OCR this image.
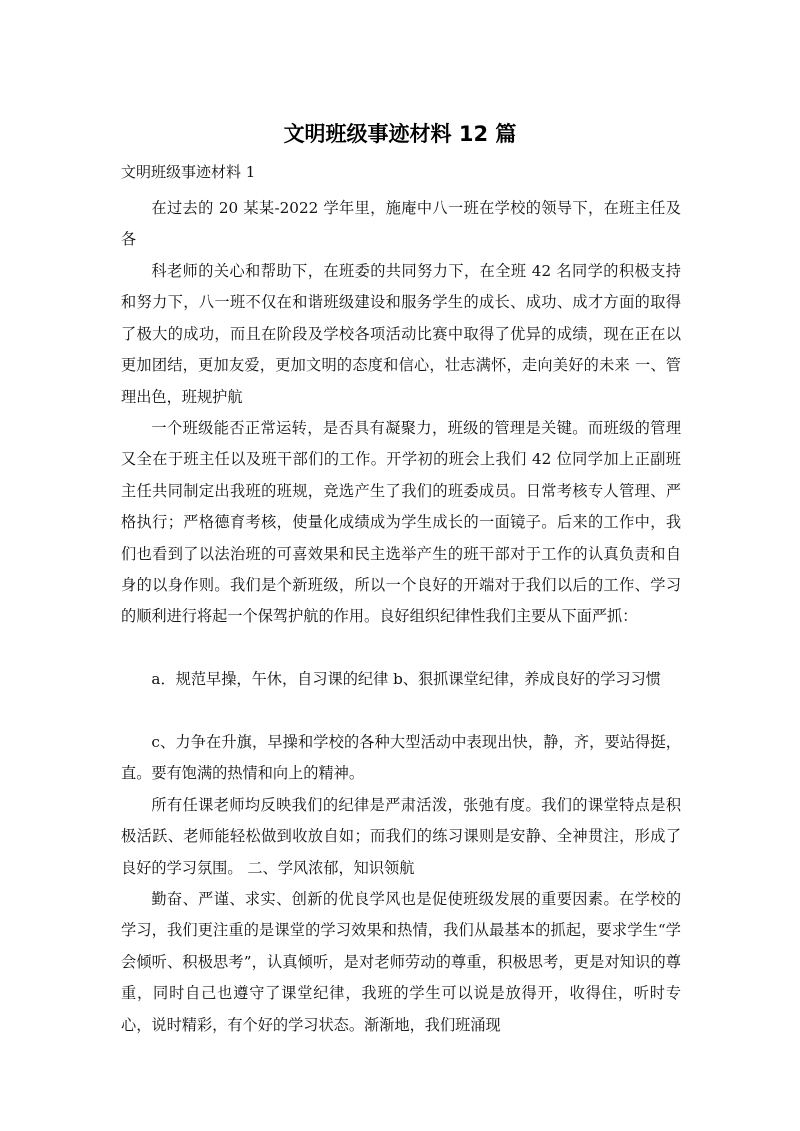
文明班级事迹材料 12 篇
文明班级事迹材料 1

在过去的 20 某某-2022 学年里，施庵中八一班在学校的领导下，在班主任及各

科老师的关心和帮助下，在班委的共同努力下，在全班 42 名同学的积极支持和努力下，八一班不仅在和谐班级建设和服务学生的成长、成功、成才方面的取得了极大的成功，而且在阶段及学校各项活动比赛中取得了优异的成绩，现在正在以更加团结，更加友爱，更加文明的态度和信心，壮志满怀，走向美好的未来 一、管理出色，班规护航

一个班级能否正常运转，是否具有凝聚力，班级的管理是关键。而班级的管理又全在于班主任以及班干部们的工作。开学初的班会上我们 42 位同学加上正副班主任共同制定出我班的班规，竞选产生了我们的班委成员。日常考核专人管理、严格执行；严格德育考核，使量化成绩成为学生成长的一面镜子。后来的工作中，我们也看到了以法治班的可喜效果和民主选举产生的班干部对于工作的认真负责和自身的以身作则。我们是个新班级，所以一个良好的开端对于我们以后的工作、学习的顺利进行将起一个保驾护航的作用。良好组织纪律性我们主要从下面严抓：

a．规范早操，午休，自习课的纪律 b、狠抓课堂纪律，养成良好的学习习惯

c、力争在升旗，早操和学校的各种大型活动中表现出快，静，齐，要站得挺，直。要有饱满的热情和向上的精神。

所有任课老师均反映我们的纪律是严肃活泼，张弛有度。我们的课堂特点是积极活跃、老师能轻松做到收放自如；而我们的练习课则是安静、全神贯注，形成了良好的学习氛围。 二、学风浓郁，知识领航

勤奋、严谨、求实、创新的优良学风也是促使班级发展的重要因素。在学校的学习，我们更注重的是课堂的学习效果和热情，我们从最基本的抓起，要求学生“学会倾听、积极思考”，认真倾听，是对老师劳动的尊重，积极思考，更是对知识的尊重，同时自己也遵守了课堂纪律，我班的学生可以说是放得开，收得住，听时专心，说时精彩，有个好的学习状态。渐渐地，我们班涌现
